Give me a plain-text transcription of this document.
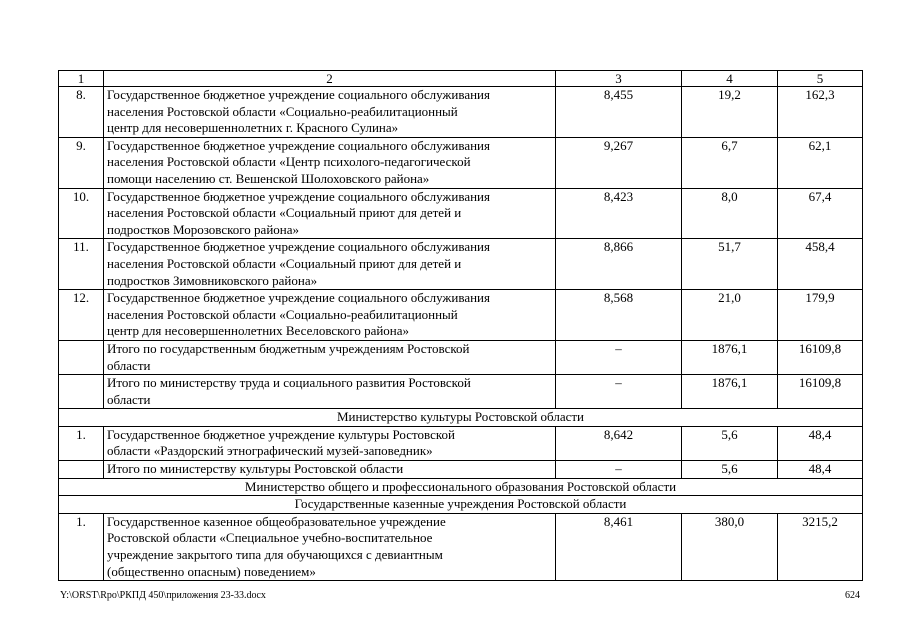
1	2	3	4	5
8.	Государственное бюджетное учреждение социального обслуживания
населения Ростовской области «Социально-реабилитационный
центр для несовершеннолетних г. Красного Сулина»	8,455	19,2	162,3
9.	Государственное бюджетное учреждение социального обслуживания
населения Ростовской области «Центр психолого-педагогической
помощи населению ст. Вешенской Шолоховского района»	9,267	6,7	62,1
10.	Государственное бюджетное учреждение социального обслуживания
населения Ростовской области «Социальный приют для детей и
подростков Морозовского района»	8,423	8,0	67,4
11.	Государственное бюджетное учреждение социального обслуживания
населения Ростовской области «Социальный приют для детей и
подростков Зимовниковского района»	8,866	51,7	458,4
12.	Государственное бюджетное учреждение социального обслуживания
населения Ростовской области «Социально-реабилитационный
центр для несовершеннолетних Веселовского района»	8,568	21,0	179,9

	Итого по государственным бюджетным учреждениям Ростовской
области	–	1876,1	16109,8

	Итого по министерству труда и социального развития Ростовской
области	–	1876,1	16109,8
Министерство культуры Ростовской области				
1.	Государственное бюджетное учреждение культуры Ростовской
области «Раздорский этнографический музей-заповедник»	8,642	5,6	48,4

	Итого по министерству культуры Ростовской области	–	5,6	48,4
Министерство общего и профессионального образования Ростовской области				
Государственные казенные учреждения Ростовской области				
1.	Государственное казенное общеобразовательное учреждение
Ростовской области «Специальное учебно-воспитательное
учреждение закрытого типа для обучающихся с девиантным
(общественно опасным) поведением»	8,461	380,0	3215,2
Y:\ORST\Rpo\РКПД 450\приложения 23-33.docx	624
